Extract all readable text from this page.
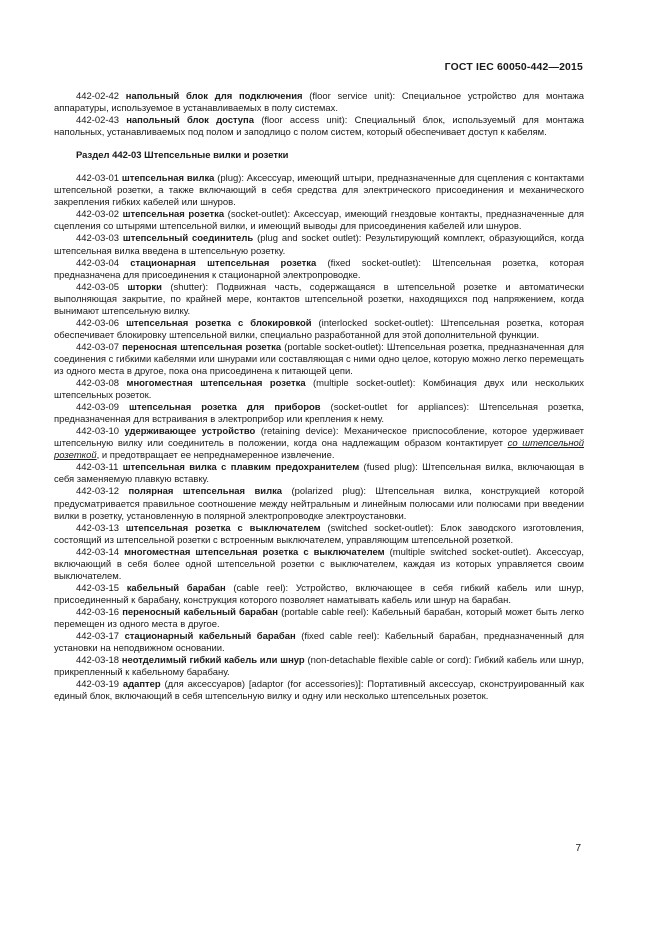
ГОСТ IEC 60050-442—2015

442-02-42 напольный блок для подключения (floor service unit): Специальное устройство для монтажа аппаратуры, используемое в устанавливаемых в полу системах.

442-02-43 напольный блок доступа (floor access unit): Специальный блок, используемый для монтажа напольных, устанавливаемых под полом и заподлицо с полом систем, который обеспечивает доступ к кабелям.

Раздел 442-03 Штепсельные вилки и розетки

442-03-01 штепсельная вилка (plug): Аксессуар, имеющий штыри, предназначенные для сцепления с контактами штепсельной розетки, а также включающий в себя средства для электрического присоединения и механического закрепления гибких кабелей или шнуров.

442-03-02 штепсельная розетка (socket-outlet): Аксессуар, имеющий гнездовые контакты, предназначенные для сцепления со штырями штепсельной вилки, и имеющий выводы для присоединения кабелей или шнуров.

442-03-03 штепсельный соединитель (plug and socket outlet): Результирующий комплект, образующийся, когда штепсельная вилка введена в штепсельную розетку.

442-03-04 стационарная штепсельная розетка (fixed socket-outlet): Штепсельная розетка, которая предназначена для присоединения к стационарной электропроводке.

442-03-05 шторки (shutter): Подвижная часть, содержащаяся в штепсельной розетке и автоматически выполняющая закрытие, по крайней мере, контактов штепсельной розетки, находящихся под напряжением, когда вынимают штепсельную вилку.

442-03-06 штепсельная розетка с блокировкой (interlocked socket-outlet): Штепсельная розетка, которая обеспечивает блокировку штепсельной вилки, специально разработанной для этой дополнительной функции.

442-03-07 переносная штепсельная розетка (portable socket-outlet): Штепсельная розетка, предназначенная для соединения с гибкими кабелями или шнурами или составляющая с ними одно целое, которую можно легко перемещать из одного места в другое, пока она присоединена к питающей цепи.

442-03-08 многоместная штепсельная розетка (multiple socket-outlet): Комбинация двух или нескольких штепсельных розеток.

442-03-09 штепсельная розетка для приборов (socket-outlet for appliances): Штепсельная розетка, предназначенная для встраивания в электроприбор или крепления к нему.

442-03-10 удерживающее устройство (retaining device): Механическое приспособление, которое удерживает штепсельную вилку или соединитель в положении, когда она надлежащим образом контактирует со штепсельной розеткой, и предотвращает ее непреднамеренное извлечение.

442-03-11 штепсельная вилка с плавким предохранителем (fused plug): Штепсельная вилка, включающая в себя заменяемую плавкую вставку.

442-03-12 полярная штепсельная вилка (polarized plug): Штепсельная вилка, конструкцией которой предусматривается правильное соотношение между нейтральным и линейным полюсами или полюсами при введении вилки в розетку, установленную в полярной электропроводке электроустановки.

442-03-13 штепсельная розетка с выключателем (switched socket-outlet): Блок заводского изготовления, состоящий из штепсельной розетки с встроенным выключателем, управляющим штепсельной розеткой.

442-03-14 многоместная штепсельная розетка с выключателем (multiple switched socket-outlet). Аксессуар, включающий в себя более одной штепсельной розетки с выключателем, каждая из которых управляется своим выключателем.

442-03-15 кабельный барабан (cable reel): Устройство, включающее в себя гибкий кабель или шнур, присоединенный к барабану, конструкция которого позволяет наматывать кабель или шнур на барабан.

442-03-16 переносный кабельный барабан (portable cable reel): Кабельный барабан, который может быть легко перемещен из одного места в другое.

442-03-17 стационарный кабельный барабан (fixed cable reel): Кабельный барабан, предназначенный для установки на неподвижном основании.

442-03-18 неотделимый гибкий кабель или шнур (non-detachable flexible cable or cord): Гибкий кабель или шнур, прикрепленный к кабельному барабану.

442-03-19 адаптер (для аксессуаров) [adaptor (for accessories)]: Портативный аксессуар, сконструированный как единый блок, включающий в себя штепсельную вилку и одну или несколько штепсельных розеток.

7
